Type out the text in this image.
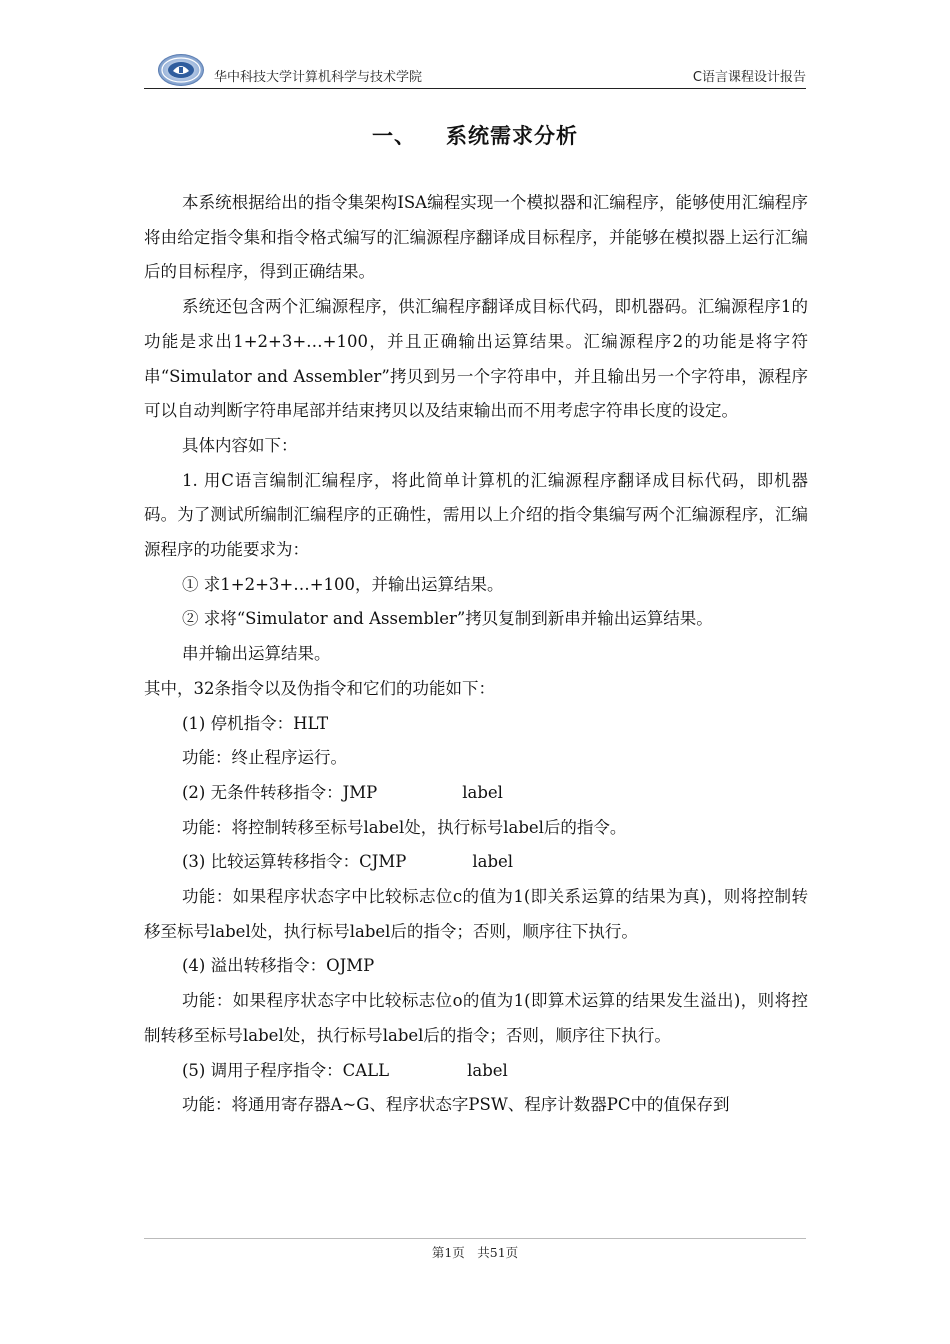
华中科技大学计算机科学与技术学院	C语言课程设计报告
一、 系统需求分析

本系统根据给出的指令集架构ISA编程实现一个模拟器和汇编程序，能够使用汇编程序将由给定指令集和指令格式编写的汇编源程序翻译成目标程序，并能够在模拟器上运行汇编后的目标程序，得到正确结果。

系统还包含两个汇编源程序，供汇编程序翻译成目标代码，即机器码。汇编源程序1的功能是求出1+2+3+…+100，并且正确输出运算结果。汇编源程序2的功能是将字符串“Simulator and Assembler”拷贝到另一个字符串中，并且输出另一个字符串，源程序可以自动判断字符串尾部并结束拷贝以及结束输出而不用考虑字符串长度的设定。

具体内容如下：

1. 用C语言编制汇编程序，将此简单计算机的汇编源程序翻译成目标代码，即机器码。为了测试所编制汇编程序的正确性，需用以上介绍的指令集编写两个汇编源程序，汇编源程序的功能要求为：

① 求1+2+3+…+100，并输出运算结果。

② 求将“Simulator and Assembler”拷贝复制到新串并输出运算结果。

串并输出运算结果。

其中，32条指令以及伪指令和它们的功能如下：

(1) 停机指令：HLT

功能：终止程序运行。

(2) 无条件转移指令：JMP	label

功能：将控制转移至标号label处，执行标号label后的指令。

(3) 比较运算转移指令：CJMP	label

功能：如果程序状态字中比较标志位c的值为1(即关系运算的结果为真)，则将控制转移至标号label处，执行标号label后的指令；否则，顺序往下执行。

(4) 溢出转移指令：OJMP

功能：如果程序状态字中比较标志位o的值为1(即算术运算的结果发生溢出)，则将控制转移至标号label处，执行标号label后的指令；否则，顺序往下执行。

(5) 调用子程序指令：CALL	label

功能：将通用寄存器A~G、程序状态字PSW、程序计数器PC中的值保存到

第1页　共51页
